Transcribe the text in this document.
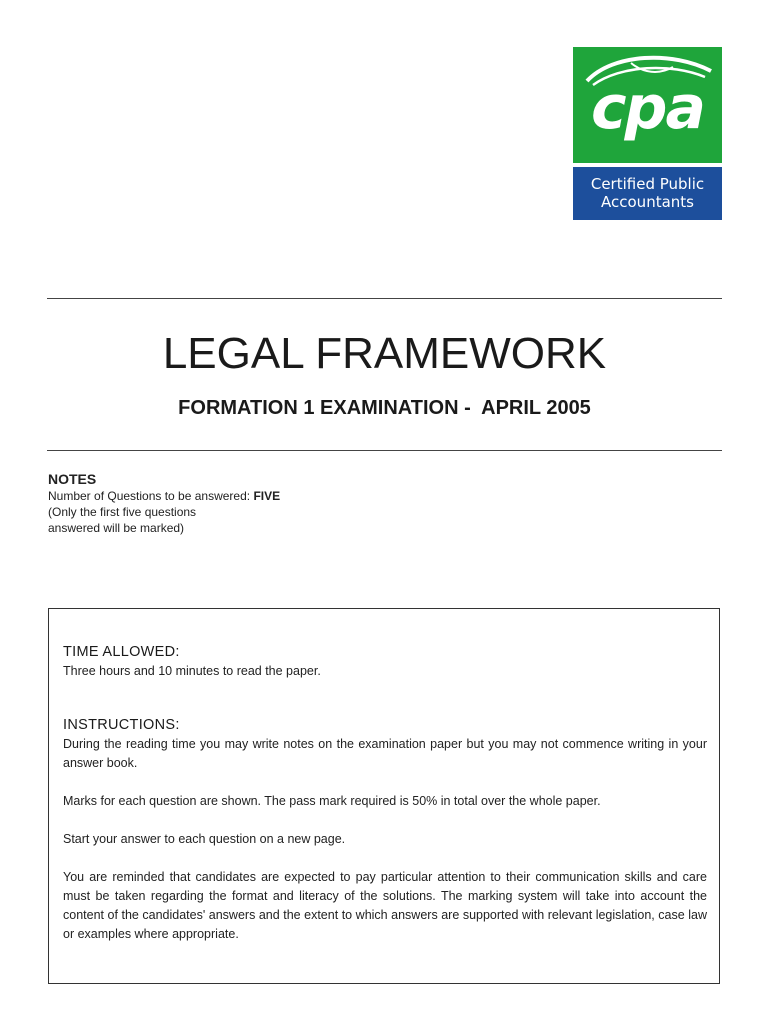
cpa
Certified Public
Accountants
LEGAL FRAMEWORK
FORMATION 1 EXAMINATION -  APRIL 2005
NOTES
Number of Questions to be answered: FIVE
(Only the first five questions
answered will be marked)
TIME ALLOWED:

Three hours and 10 minutes to read the paper.

INSTRUCTIONS:

During the reading time you may write notes on the examination paper but you may not commence writing in your answer book.

Marks for each question are shown. The pass mark required is 50% in total over the whole paper.

Start your answer to each question on a new page.

You are reminded that candidates are expected to pay particular attention to their communication skills and care must be taken regarding the format and literacy of the solutions. The marking system will take into account the content of the candidates' answers and the extent to which answers are supported with relevant legislation, case law or examples where appropriate.
